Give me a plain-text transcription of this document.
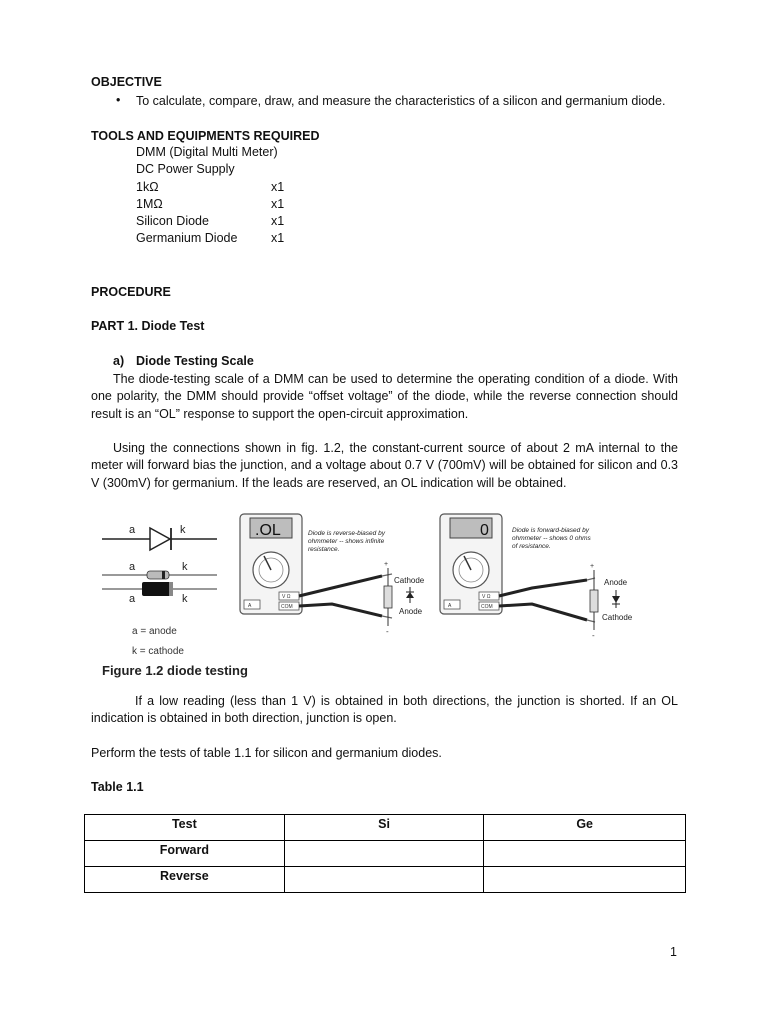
OBJECTIVE
• To calculate, compare, draw, and measure the characteristics of a silicon and germanium diode.
TOOLS AND EQUIPMENTS REQUIRED
DMM (Digital Multi Meter)
DC Power Supply
1kΩ	x1
1MΩ	x1
Silicon Diode	x1
Germanium Diode	x1
PROCEDURE
PART 1. Diode Test
a) Diode Testing Scale
The diode-testing scale of a DMM can be used to determine the operating condition of a diode. With one polarity, the DMM should provide “offset voltage” of the diode, while the reverse connection should result is an “OL” response to support the open-circuit approximation.
Using the connections shown in fig. 1.2, the constant-current source of about 2 mA internal to the meter will forward bias the junction, and a voltage about 0.7 V (700mV) will be obtained for silicon and 0.3 V (300mV) for germanium. If the leads are reserved, an OL indication will be obtained.
a	k
a	k
a	k
a = anode
k = cathode
Figure 1.2 diode testing
.OL
A
V Ω
COM
+
-
Cathode
Anode
Diode is reverse-biased by
ohmmeter -- shows infinite
resistance.
0
A
V Ω
COM
+
-
Anode
Cathode
Diode is forward-biased by
ohmmeter -- shows 0 ohms
of resistance.
If a low reading (less than 1 V) is obtained in both directions, the junction is shorted. If an OL indication is obtained in both direction, junction is open.
Perform the tests of table 1.1 for silicon and germanium diodes.
Table 1.1
Test	Si	Ge
Forward		
Reverse		
1
